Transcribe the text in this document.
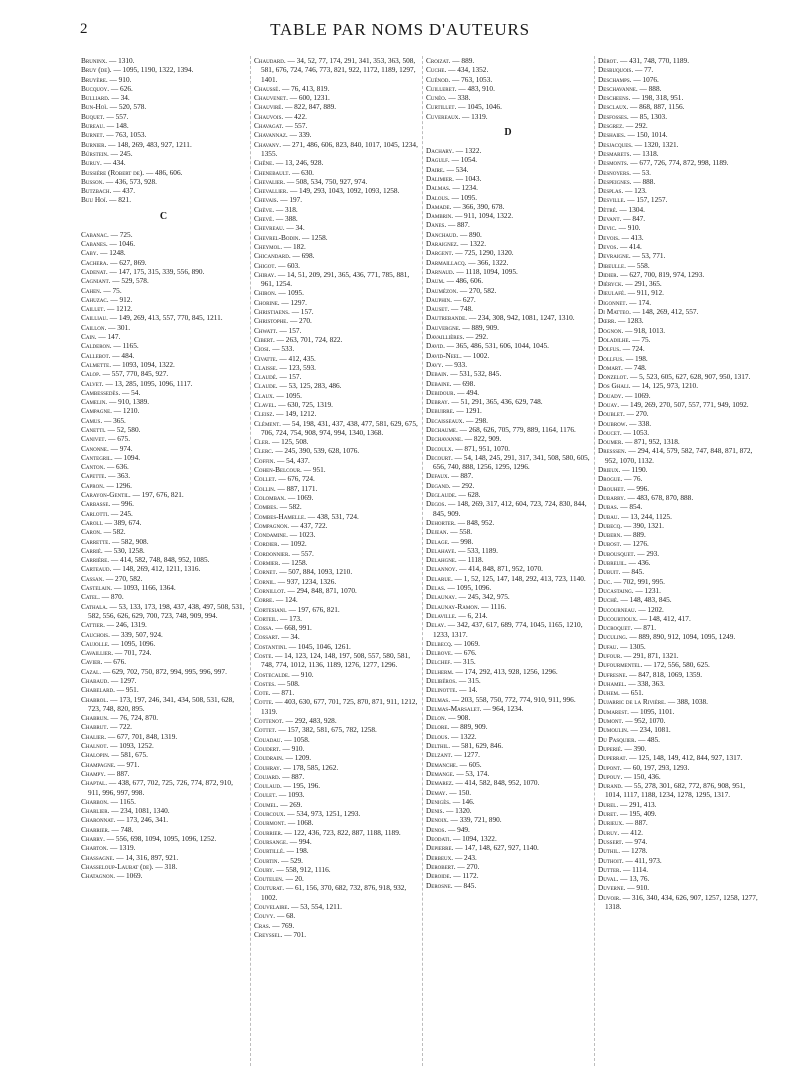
2	TABLE PAR NOMS D'AUTEURS
Bruninx. — 1310.
Bruy (de). — 1095, 1190, 1322, 1394.
Bruyère. — 910.
Bucquoy. — 626.
Bulliard. — 34.
Bun-Hoï. — 520, 578.
Buquet. — 557.
Bureau. — 148.
Burnet. — 763, 1053.
Burnier. — 148, 269, 483, 927, 1211.
Bürstein. — 245.
Buruy. — 434.
Bussière (Robert de). — 486, 606.
Busson. — 436, 573, 928.
Butzbach. — 437.
Buu Hoï. — 821.
C
Cabanac. — 725.
Cabanes. — 1046.
Caby. — 1248.
Cachera. — 627, 869.
Cadenat. — 147, 175, 315, 339, 556, 890.
Cagniant. — 529, 578.
Cahen. — 75.
Cahuzac. — 912.
Caillet. — 1212.
Cailliau. — 149, 269, 413, 557, 770, 845, 1211.
Caillon. — 301.
Cain. — 147.
Calderon. — 1165.
Callebot. — 484.
Calmette. — 1093, 1094, 1322.
Calop. — 557, 770, 845, 927.
Calvet. — 13, 285, 1095, 1096, 1117.
Cambessedès. — 54.
Camelin. — 910, 1389.
Campagne. — 1210.
Camus. — 365.
Canetti. — 52, 580.
Canivet. — 675.
Canonne. — 974.
Cantegril. — 1094.
Canton. — 636.
Capette. — 363.
Capron. — 1296.
Carayon-Gentil. — 197, 676, 821.
Carbasse. — 996.
Carlotti. — 245.
Caroli. — 389, 674.
Caron. — 582.
Carrette. — 582, 908.
Carrié. — 530, 1258.
Carrière. — 414, 582, 748, 848, 952, 1085.
Carteaud. — 148, 269, 412, 1211, 1316.
Cassan. — 270, 582.
Castelain. — 1093, 1166, 1364.
Catel. — 870.
Cathala. — 53, 133, 173, 198, 437, 438, 497, 508, 531, 582, 556, 626, 629, 700, 723, 748, 909, 994.
Cattier. — 246, 1319.
Cauchois. — 339, 507, 924.
Caujolle. — 1095, 1096.
Cavaillier. — 701, 724.
Cavier. — 676.
Cazal. — 629, 702, 750, 872, 994, 995, 996, 997.
Chabaud. — 1297.
Chabelard. — 951.
Chabrol. — 173, 197, 246, 341, 434, 508, 531, 628, 723, 748, 820, 895.
Chabrun. — 76, 724, 870.
Chabrut. — 722.
Chalier. — 677, 701, 848, 1319.
Chalnot. — 1093, 1252.
Chalopin. — 581, 675.
Champagne. — 971.
Champy. — 887.
Chaptal. — 438, 677, 702, 725, 726, 774, 872, 910, 911, 996, 997, 998.
Charbon. — 1165.
Charlier. — 234, 1081, 1340.
Charonnat. — 173, 246, 341.
Charrier. — 748.
Charry. — 556, 698, 1094, 1095, 1096, 1252.
Charton. — 1319.
Chassagne. — 14, 316, 897, 921.
Chasseloup-Laubat (de). — 318.
Chatagnon. — 1069.
Chaudard. — 34, 52, 77, 174, 291, 341, 353, 363, 508, 581, 676, 724, 746, 773, 821, 922, 1172, 1189, 1297, 1401.
Chaussé. — 76, 413, 819.
Chauvenet. — 600, 1231.
Chauviré. — 822, 847, 889.
Chauvois. — 422.
Chavagat. — 557.
Chavannaz. — 339.
Chavany. — 271, 486, 606, 823, 840, 1017, 1045, 1234, 1355.
Chêne. — 13, 246, 928.
Chenebault. — 630.
Chevalier. — 508, 534, 750, 927, 974.
Chevallier. — 149, 293, 1043, 1092, 1093, 1258.
Chevais. — 197.
Chève. — 318.
Chevé. — 388.
Chevreau. — 34.
Chevrel-Bodin. — 1258.
Cheymol. — 182.
Chicandard. — 698.
Chigot. — 603.
Chiray. — 14, 51, 209, 291, 365, 436, 771, 785, 881, 961, 1254.
Chiron. — 1095.
Chorine. — 1297.
Christiaens. — 157.
Christophe. — 270.
Chwatt. — 157.
Cibert. — 263, 701, 724, 822.
Ciosi. — 533.
Civatte. — 412, 435.
Claisse. — 123, 593.
Claudé. — 157.
Claude. — 53, 125, 283, 486.
Claux. — 1095.
Clavel. — 630, 725, 1319.
Cleisz. — 149, 1212.
Clément. — 54, 198, 431, 437, 438, 477, 581, 629, 675, 706, 724, 754, 908, 974, 994, 1340, 1368.
Cler. — 125, 508.
Clerc. — 245, 390, 539, 628, 1076.
Coffin. — 54, 437.
Cohen-Belcour. — 951.
Collet. — 676, 724.
Collin. — 887, 1171.
Colomban. — 1069.
Combes. — 582.
Combes-Hamelle. — 438, 531, 724.
Compagnon. — 437, 722.
Condamine. — 1023.
Cordier. — 1092.
Cordonnier. — 557.
Cormier. — 1258.
Cornet. — 507, 884, 1093, 1210.
Cornil. — 937, 1234, 1326.
Cornillot. — 294, 848, 871, 1070.
Corre. — 124.
Cortesiani. — 197, 676, 821.
Corteil. — 173.
Cossa. — 668, 991.
Cossart. — 34.
Costantini. — 1045, 1046, 1261.
Coste. — 14, 123, 124, 148, 197, 508, 557, 580, 581, 748, 774, 1012, 1136, 1189, 1276, 1277, 1296.
Costecalde. — 910.
Costes. — 508.
Cote. — 871.
Cotte. — 403, 630, 677, 701, 725, 870, 871, 911, 1212, 1319.
Cottenot. — 292, 483, 928.
Cottet. — 157, 382, 581, 675, 782, 1258.
Couadau. — 1058.
Coudert. — 910.
Coudrain. — 1209.
Couhray. — 178, 585, 1262.
Coujard. — 887.
Coulaud. — 195, 196.
Coulet. — 1093.
Coumel. — 269.
Courcoux. — 534, 973, 1251, 1293.
Courmont. — 1068.
Courrier. — 122, 436, 723, 822, 887, 1188, 1189.
Coursange. — 994.
Courtillé. — 198.
Courtin. — 529.
Coury. — 558, 912, 1116.
Coutelen. — 20.
Couturat. — 61, 156, 370, 682, 732, 876, 918, 932, 1002.
Couvelaire. — 53, 554, 1211.
Couvy. — 68.
Cras. — 769.
Creyssel. — 701.
Croizat. — 889.
Cuche. — 434, 1352.
Cuénod. — 763, 1053.
Cuilleret. — 483, 910.
Cunéo. — 338.
Curtillet. — 1045, 1046.
Cuvereaux. — 1319.
D
Dachary. — 1322.
Dagulf. — 1054.
Daire. — 534.
Dalimier. — 1043.
Dalmas. — 1234.
Dalous. — 1095.
Damade. — 366, 390, 678.
Dambrin. — 911, 1094, 1322.
Danes. — 887.
Danchaud. — 890.
Daraignez. — 1322.
Dargent. — 725, 1290, 1320.
Darmaillacq. — 366, 1322.
Darnaud. — 1118, 1094, 1095.
Daum. — 486, 606.
Daumézon. — 270, 582.
Dauphin. — 627.
Dauset. — 748.
Dautrebande. — 234, 308, 942, 1081, 1247, 1310.
Dauvergne. — 889, 909.
Davaillières. — 292.
David. — 365, 486, 531, 606, 1044, 1045.
David-Neel. — 1002.
Davy. — 933.
Debain. — 531, 532, 845.
Debaine. — 698.
Debidour. — 494.
Debray. — 51, 291, 365, 436, 629, 748.
Debuirre. — 1291.
Decaisseaux. — 298.
Dechaume. — 268, 626, 705, 779, 889, 1164, 1176.
Dechavanne. — 822, 909.
Decoulx. — 871, 951, 1070.
Decourt. — 54, 148, 245, 291, 317, 341, 508, 580, 605, 656, 740, 888, 1256, 1295, 1296.
Defaux. — 887.
Degand. — 292.
Deglaude. — 628.
Degos. — 148, 269, 317, 412, 604, 723, 724, 830, 844, 845, 909.
Dehorter. — 848, 952.
Dejean. — 558.
Delage. — 998.
Delahaye. — 533, 1189.
Delahgne. — 1118.
Delannoy. — 414, 848, 871, 952, 1070.
Delarue. — 1, 52, 125, 147, 148, 292, 413, 723, 1140.
Delas. — 1095, 1096.
Delaunay. — 245, 342, 975.
Delaunay-Ramon. — 1116.
Delaville. — 6, 214.
Delay. — 342, 437, 617, 689, 774, 1045, 1165, 1210, 1233, 1317.
Delbecq. — 1069.
Delbove. — 676.
Delchef. — 315.
Delherm. — 174, 292, 413, 928, 1256, 1296.
Delibéros. — 315.
Delinotte. — 14.
Delmas. — 203, 558, 750, 772, 774, 910, 911, 996.
Delmas-Marsalet. — 964, 1234.
Delon. — 908.
Delore. — 889, 909.
Delous. — 1322.
Delthil. — 581, 629, 846.
Delzant. — 1277.
Demanche. — 605.
Demange. — 53, 174.
Demarez. — 414, 582, 848, 952, 1070.
Demay. — 150.
Denigès. — 146.
Denis. — 1320.
Denoix. — 339, 721, 890.
Denos. — 949.
Deodati. — 1094, 1322.
Depierre. — 147, 148, 627, 927, 1140.
Derbeux. — 243.
Derobert. — 270.
Deroide. — 1172.
Derosne. — 845.
Dérot. — 431, 748, 770, 1189.
Desbuquois. — 77.
Deschamps. — 1076.
Deschavanne. — 888.
Descheens. — 198, 318, 951.
Desclaux. — 868, 887, 1156.
Desfosses. — 85, 1303.
Desgrez. — 292.
Deshaies. — 150, 1014.
Desjacques. — 1320, 1321.
Desmarets. — 1318.
Desmonts. — 677, 726, 774, 872, 998, 1189.
Desnoyers. — 53.
Despeignes. — 888.
Desplas. — 123.
Desville. — 157, 1257.
Dètré. — 1304.
Devant. — 847.
Devic. — 910.
Devois. — 413.
Devos. — 414.
Devraigne. — 53, 771.
Dibeulle. — 558.
Didier. — 627, 700, 819, 974, 1293.
Diéryck. — 291, 365.
Dieulafé. — 911, 912.
Digonnet. — 174.
Di Matteo. — 148, 269, 412, 557.
Dœrr. — 1283.
Dognon. — 918, 1013.
Doladilhe. — 75.
Dolfus. — 724.
Dollfus. — 198.
Domart. — 748.
Donzelot. — 5, 523, 605, 627, 628, 907, 950, 1317.
Dos Ghali. — 14, 125, 973, 1210.
Douady. — 1069.
Douay. — 149, 269, 270, 507, 557, 771, 949, 1092.
Doublet. — 270.
Doubrow. — 338.
Doucet. — 1053.
Doumer. — 871, 952, 1318.
Dresssen. — 294, 414, 579, 582, 747, 848, 871, 872, 952, 1070, 1132.
Drieux. — 1190.
Drogue. — 76.
Drouhet. — 996.
Dubarry. — 483, 678, 870, 888.
Dubas. — 854.
Dubau. — 13, 244, 1125.
Dubecq. — 390, 1321.
Dubern. — 889.
Dubost. — 1276.
Dubousquet. — 293.
Dubreuil. — 436.
Dubuit. — 845.
Duc. — 702, 991, 995.
Ducastaing. — 1231.
Duché. — 148, 483, 845.
Ducourneau. — 1202.
Ducourtioux. — 148, 412, 417.
Ducroquet. — 871.
Duculing. — 889, 890, 912, 1094, 1095, 1249.
Dufau. — 1305.
Dufour. — 291, 871, 1321.
Dufourmentel. — 172, 556, 580, 625.
Dufresne. — 847, 818, 1069, 1359.
Duhamel. — 338, 363.
Duhem. — 651.
Dujarric de la Rivière. — 388, 1038.
Dumarest. — 1095, 1101.
Dumont. — 952, 1070.
Dumoulin. — 234, 1081.
Du Pasquier. — 485.
Duperié. — 390.
Duperrat. — 125, 148, 149, 412, 844, 927, 1317.
Dupont. — 60, 197, 293, 1293.
Dupouy. — 150, 436.
Durand. — 55, 278, 301, 682, 772, 876, 908, 951, 1014, 1117, 1188, 1234, 1278, 1295, 1317.
Durel. — 291, 413.
Duret. — 195, 409.
Durieux. — 887.
Duruy. — 412.
Dussert. — 974.
Duthil. — 1278.
Duthoit. — 411, 973.
Dutter. — 1114.
Duval. — 13, 76.
Duverne. — 910.
Duvoir. — 316, 340, 434, 626, 907, 1257, 1258, 1277, 1318.
